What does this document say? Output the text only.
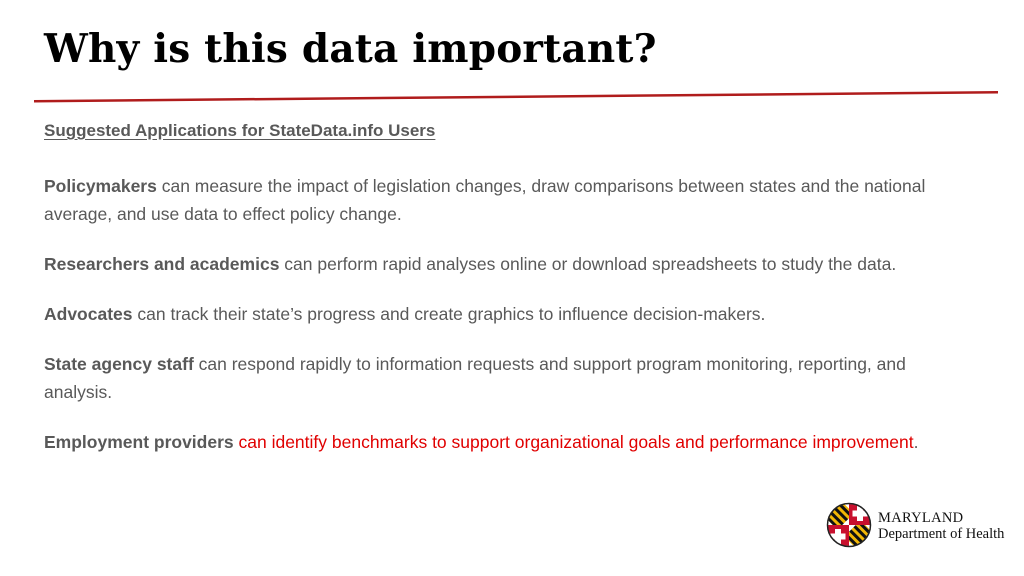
Why is this data important?
Suggested Applications for StateData.info Users

Policymakers can measure the impact of legislation changes, draw comparisons between states and the national average, and use data to effect policy change.

Researchers and academics can perform rapid analyses online or download spreadsheets to study the data.

Advocates can track their state’s progress and create graphics to influence decision-makers.

State agency staff can respond rapidly to information requests and support program monitoring, reporting, and analysis.

Employment providers can identify benchmarks to support organizational goals and performance improvement.

MARYLAND
Department of Health
